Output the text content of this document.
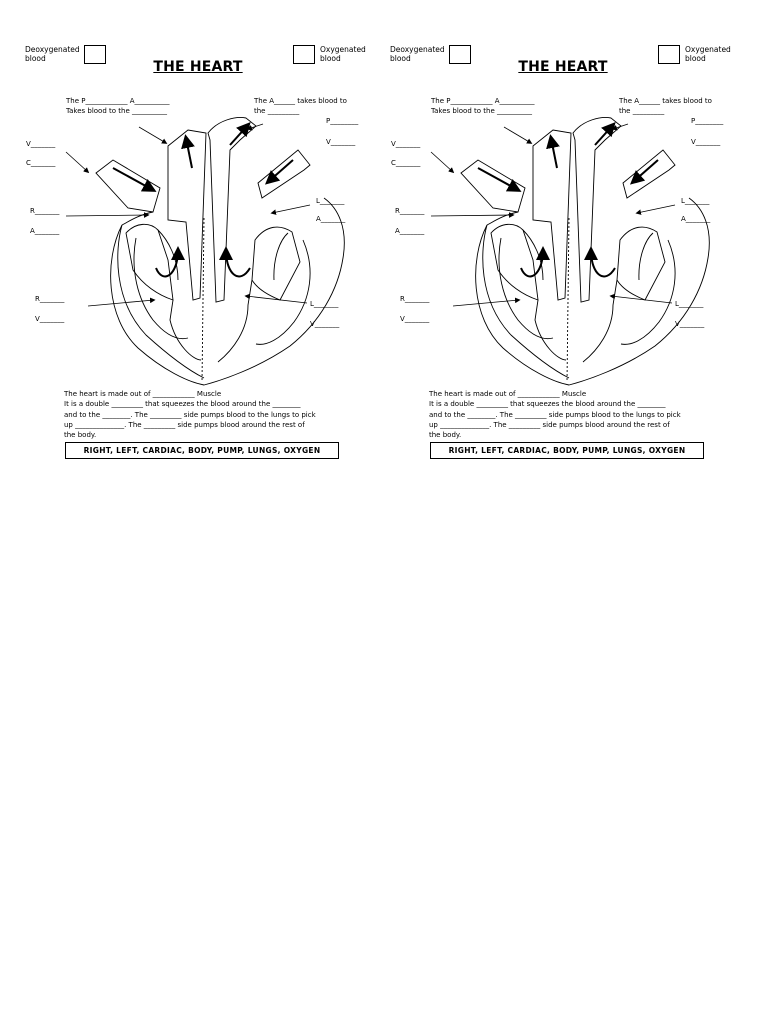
Deoxygenated blood
Oxygenated blood
THE HEART
The P____________ A__________
Takes blood to the __________
The A______ takes blood to
the _________
P________
V_______
V_______
C_______
L_______
A_______
R_______
A_______
R_______
V_______
L_______
V_______
The heart is made out of ____________ Muscle
It is a double _________ that squeezes the blood around the ________
and to the ________. The _________ side pumps blood to the lungs to pick
up ______________. The _________ side pumps blood around the rest of
the body.
RIGHT, LEFT, CARDIAC, BODY, PUMP, LUNGS, OXYGEN
Deoxygenated blood
Oxygenated blood
THE HEART
The P____________ A__________
Takes blood to the __________
The A______ takes blood to
the _________
P________
V_______
V_______
C_______
L_______
A_______
R_______
A_______
R_______
V_______
L_______
V_______
The heart is made out of ____________ Muscle
It is a double _________ that squeezes the blood around the ________
and to the ________. The _________ side pumps blood to the lungs to pick
up ______________. The _________ side pumps blood around the rest of
the body.
RIGHT, LEFT, CARDIAC, BODY, PUMP, LUNGS, OXYGEN
